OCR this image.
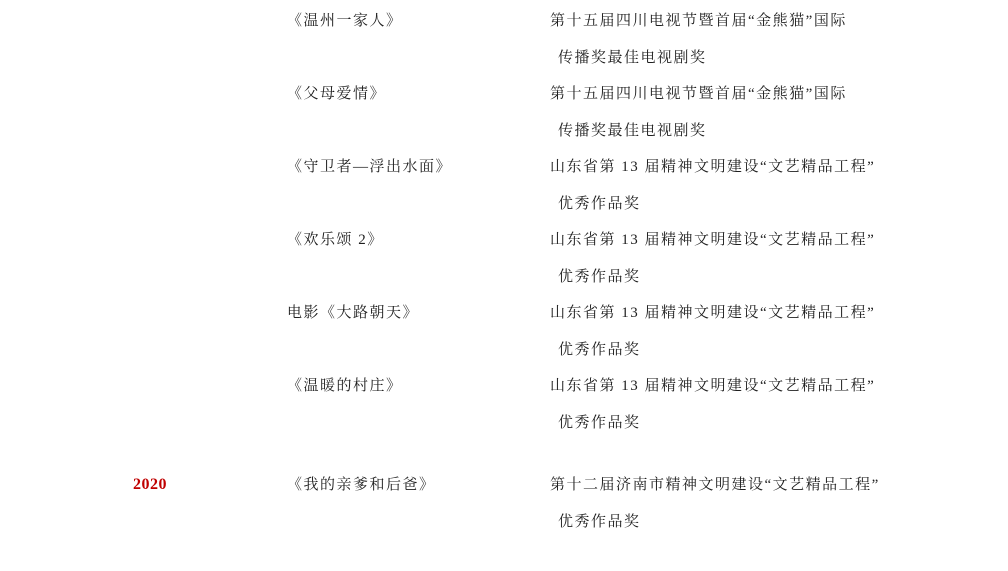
《温州一家人》	第十五届四川电视节暨首届“金熊猫”国际
传播奖最佳电视剧奖
《父母爱情》	第十五届四川电视节暨首届“金熊猫”国际
传播奖最佳电视剧奖
《守卫者—浮出水面》	山东省第 13 届精神文明建设“文艺精品工程”
优秀作品奖
《欢乐颂 2》	山东省第 13 届精神文明建设“文艺精品工程”
优秀作品奖
电影《大路朝天》	山东省第 13 届精神文明建设“文艺精品工程”
优秀作品奖
《温暖的村庄》	山东省第 13 届精神文明建设“文艺精品工程”
优秀作品奖
2020	《我的亲爹和后爸》	第十二届济南市精神文明建设“文艺精品工程”
优秀作品奖
